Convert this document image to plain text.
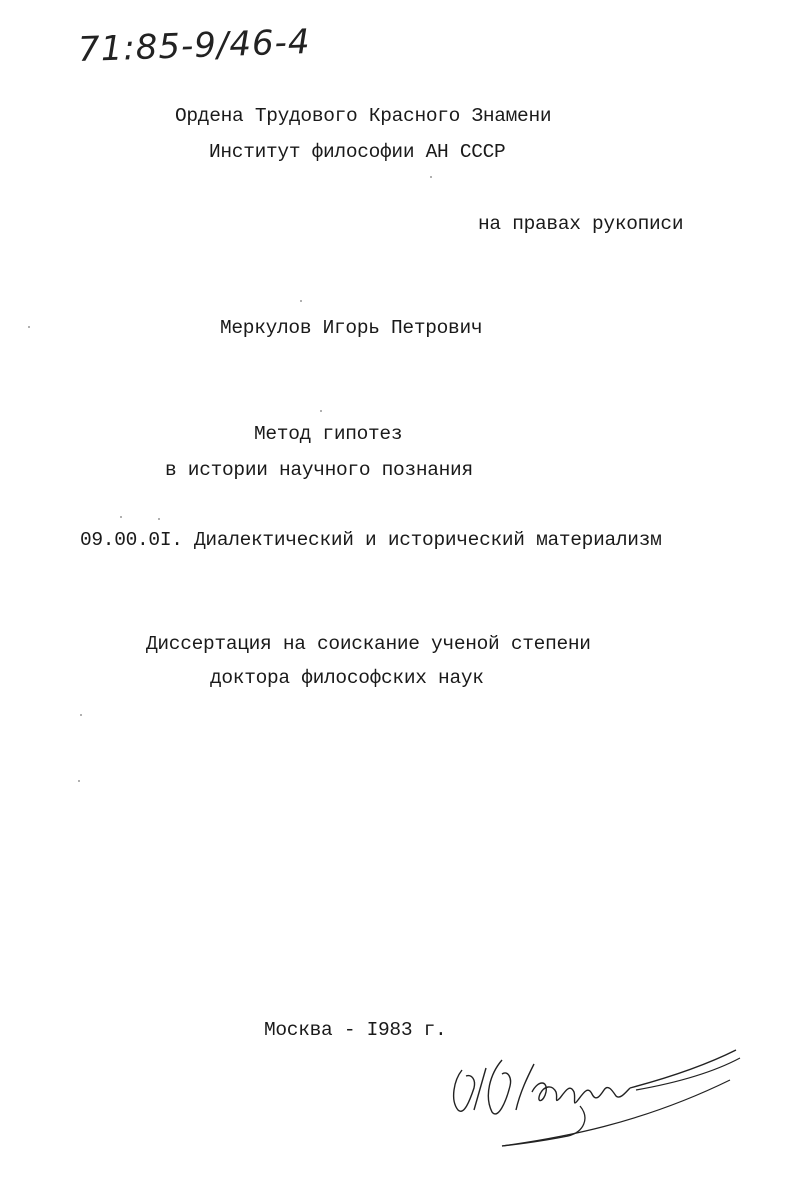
71:85-9/46-4
Ордена Трудового Красного Знамени
Институт философии АН СССР
на правах рукописи
Меркулов Игорь Петрович
Метод гипотез
в истории научного познания
09.00.0I. Диалектический и исторический материализм
Диссертация на соискание ученой степени
доктора философских наук
Москва - I983 г.
